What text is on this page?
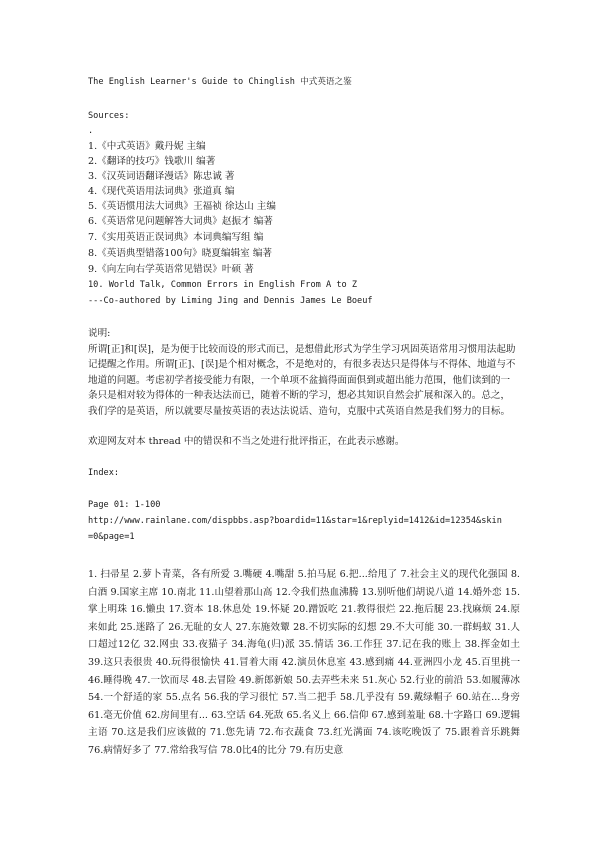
The English Learner's Guide to Chinglish 中式英语之鉴
Sources:
.
1.《中式英语》戴丹妮 主编
2.《翻译的技巧》钱歌川 编著
3.《汉英词语翻译漫话》陈忠诚 著
4.《现代英语用法词典》张道真 编
5.《英语惯用法大词典》王福祯 徐达山 主编
6.《英语常见问题解答大词典》赵振才 编著
7.《实用英语正误词典》本词典编写组 编
8.《英语典型错落100句》晓夏编辑室 编著
9.《向左向右学英语常见错误》叶硕 著
10. World Talk, Common Errors in English From A to Z
---Co-authored by Liming Jing and Dennis James Le Boeuf
说明:
所谓[正]和[误]，是为便于比较而设的形式而已，是想借此形式为学生学习巩固英语常用习惯用法起助记提醒之作用。所谓[正]、[误]是个相对概念，不是绝对的，有很多表达只是得体与不得体、地道与不地道的问题。考虑初学者接受能力有限，一个单项不盆搞得面面俱到或超出能力范围，他们读到的一条只是相对较为得体的一种表达法而已，随着不断的学习，想必其知识自然会扩展和深入的。总之，我们学的是英语，所以就要尽量按英语的表达法说话、造句，克服中式英语自然是我们努力的目标。
欢迎网友对本 thread 中的错误和不当之处进行批评指正，在此表示感谢。
Index:
Page 01: 1-100
http://www.rainlane.com/dispbbs.asp?boardid=11&star=1&replyid=1412&id=12354&skin
=0&page=1
1. 扫帚星 2.萝卜青菜，各有所爱 3.嘴硬 4.嘴甜 5.拍马屁 6.把...给甩了 7.社会主义的现代化强国 8.白酒 9.国家主席 10.南北 11.山望着那山高 12.令我们热血沸腾 13.别听他们胡说八道 14.婚外恋 15.掌上明珠 16.懒虫 17.资本 18.休息处 19.怀疑 20.蹭饭吃 21.教得很烂 22.拖后腿 23.找麻烦 24.原来如此 25.迷路了 26.无耻的女人 27.东施效颦 28.不切实际的幻想 29.不大可能 30.一群蚂蚁 31.人口超过12亿 32.网虫 33.夜猫子 34.海龟(归)派 35.情话 36.工作狂 37.记在我的账上 38.挥金如土 39.这只表很贵 40.玩得很愉快 41.冒着大雨 42.演员休息室 43.感到痛 44.亚洲四小龙 45.百里挑一 46.睡得晚 47.一饮而尽 48.去冒险 49.新郎新娘 50.去弄些未来 51.灰心 52.行业的前沿 53.如履薄冰 54.一个舒适的家 55.点名 56.我的学习很忙 57.当二把手 58.几乎没有 59.戴绿帽子 60.站在...身旁 61.毫无价值 62.房间里有... 63.空话 64.死敌 65.名义上 66.信仰 67.感到羞耻 68.十字路口 69.逻辑主语 70.这是我们应该做的 71.您先请 72.布衣蔬食 73.红光满面 74.该吃晚饭了 75.跟着音乐跳舞 76.病情好多了 77.常给我写信 78.0比4的比分 79.有历史意
